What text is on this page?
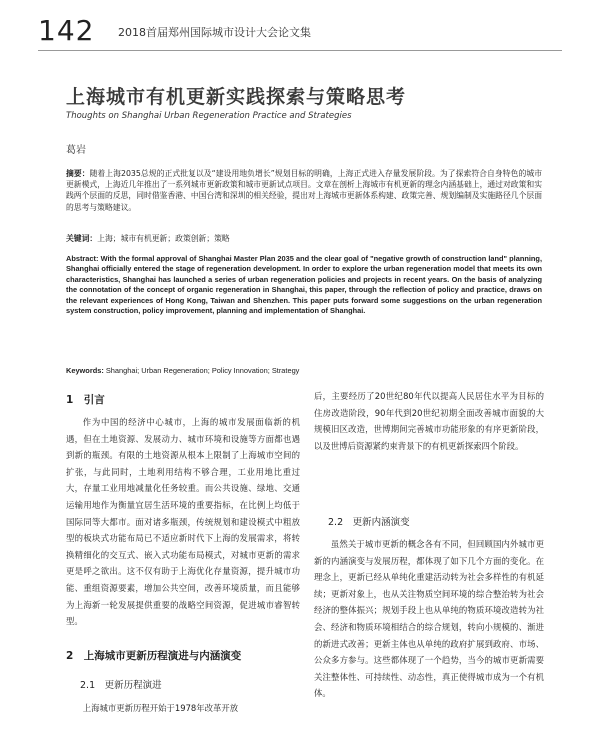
142 2018首届郑州国际城市设计大会论文集
上海城市有机更新实践探索与策略思考
Thoughts on Shanghai Urban Regeneration Practice and Strategies
葛岩
摘要：随着上海2035总规的正式批复以及“建设用地负增长”规划目标的明确，上海正式进入存量发展阶段。为了探索符合自身特色的城市更新模式，上海近几年推出了一系列城市更新政策和城市更新试点项目。文章在剖析上海城市有机更新的理念内涵基础上，通过对政策和实践两个层面的反思，同时借鉴香港、中国台湾和深圳的相关经验，提出对上海城市更新体系构建、政策完善、规划编制及实施路径几个层面的思考与策略建议。
关键词：上海；城市有机更新；政策创新；策略
Abstract: With the formal approval of Shanghai Master Plan 2035 and the clear goal of "negative growth of construction land" planning, Shanghai officially entered the stage of regeneration development. In order to explore the urban regeneration model that meets its own characteristics, Shanghai has launched a series of urban regeneration policies and projects in recent years. On the basis of analyzing the connotation of the concept of organic regeneration in Shanghai, this paper, through the reflection of policy and practice, draws on the relevant experiences of Hong Kong, Taiwan and Shenzhen. This paper puts forward some suggestions on the urban regeneration system construction, policy improvement, planning and implementation of Shanghai.
Keywords: Shanghai; Urban Regeneration; Policy Innovation; Strategy
1　引言
作为中国的经济中心城市，上海的城市发展面临新的机遇，但在土地资源、发展动力、城市环境和设施等方面都也遇到新的瓶颈。有限的土地资源从根本上限制了上海城市空间的扩张，与此同时，土地利用结构不够合理，工业用地比重过大，存量工业用地减量化任务较重。而公共设施、绿地、交通运输用地作为衡量宜居生活环境的重要指标，在比例上均低于国际同等大都市。面对诸多瓶颈，传统规划和建设模式中粗放型的板块式功能布局已不适应新时代下上海的发展需求，将转换精细化的交互式、嵌入式功能布局模式，对城市更新的需求更是呼之欲出。这不仅有助于上海优化存量资源，提升城市功能、重组资源要素，增加公共空间，改善环境质量，而且能够为上海新一轮发展提供重要的战略空间资源，促进城市睿智转型。
2　上海城市更新历程演进与内涵演变
2.1　更新历程演进
上海城市更新历程开始于1978年改革开放
后，主要经历了20世纪80年代以提高人民居住水平为目标的住房改造阶段，90年代到20世纪初期全面改善城市面貌的大规模旧区改造，世博期间完善城市功能形象的有序更新阶段，以及世博后资源紧约束背景下的有机更新探索四个阶段。
2.2　更新内涵演变
虽然关于城市更新的概念各有不同，但回顾国内外城市更新的内涵演变与发展历程，都体现了如下几个方面的变化。在理念上，更新已经从单纯化重建活动转为社会多样性的有机延续；更新对象上，也从关注物质空间环境的综合整治转为社会经济的整体振兴；规划手段上也从单纯的物质环境改造转为社会、经济和物质环境相结合的综合规划，转向小规模的、渐进的新进式改善；更新主体也从单纯的政府扩展到政府、市场、公众多方参与。这些都体现了一个趋势，当今的城市更新需要关注整体性、可持续性、动态性，真正使得城市成为一个有机体。
